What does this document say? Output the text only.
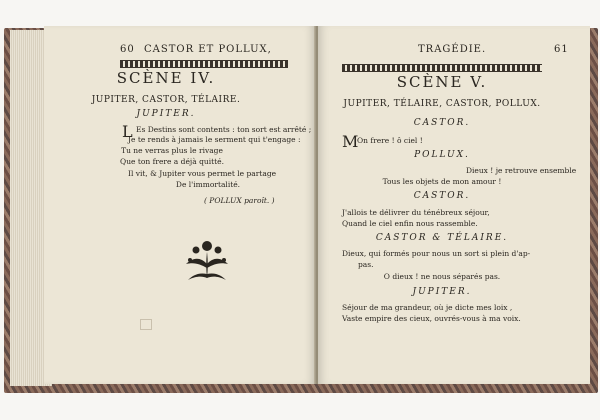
60 CASTOR ET POLLUX,
SCÈNE IV.
JUPITER, CASTOR, TÉLAIRE.
JUPITER.
L Es Destins sont contents : ton sort est arrêté ;
Je te rends à jamais le serment qui t'engage :
Tu ne verras plus le rivage
Que ton frere a déjà quitté.
Il vit, & Jupiter vous permet le partage
De l'immortalité.
( POLLUX paroît. )
TRAGÉDIE.	61
SCÈNE V.
JUPITER, TÉLAIRE, CASTOR, POLLUX.
CASTOR.
M
On frere ! ô ciel !
POLLUX.
Dieux ! je retrouve ensemble
Tous les objets de mon amour !
CASTOR.
J'allois te délivrer du ténébreux séjour,
Quand le ciel enfin nous rassemble.
CASTOR & TÉLAIRE.
Dieux, qui formés pour nous un sort si plein d'ap-
pas.
O dieux ! ne nous séparés pas.
JUPITER.
Séjour de ma grandeur, où je dicte mes loix ,
Vaste empire des cieux, ouvrés-vous à ma voix.
